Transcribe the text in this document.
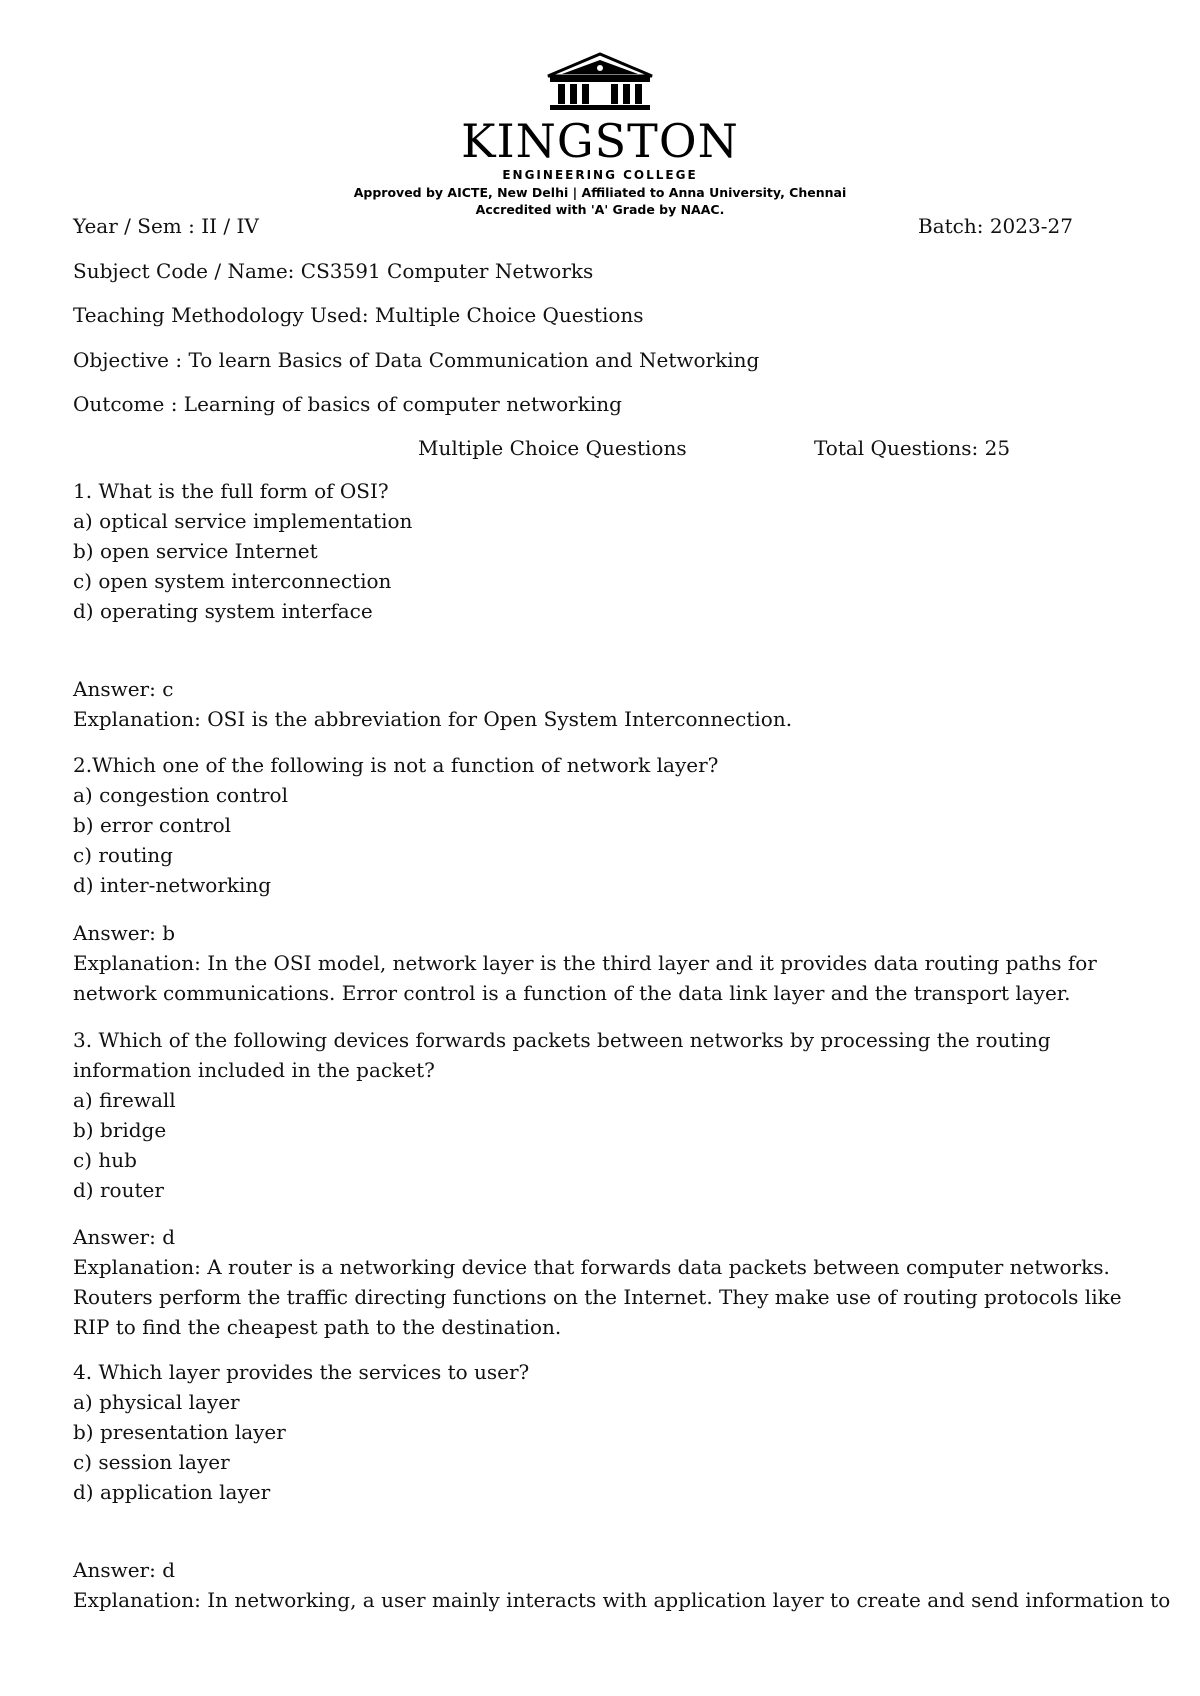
KINGSTON
ENGINEERING COLLEGE
Approved by AICTE, New Delhi | Affiliated to Anna University, Chennai
Accredited with 'A' Grade by NAAC.
Year / Sem : II / IV	Batch: 2023-27
Subject Code / Name: CS3591 Computer Networks
Teaching Methodology Used: Multiple Choice Questions
Objective : To learn Basics of Data Communication and Networking
Outcome : Learning of basics of computer networking
Multiple Choice Questions	Total Questions: 25

1. What is the full form of OSI?

a) optical service implementation

b) open service Internet

c) open system interconnection

d) operating system interface

Answer: c

Explanation: OSI is the abbreviation for Open System Interconnection.

2.Which one of the following is not a function of network layer?

a) congestion control

b) error control

c) routing

d) inter-networking

Answer: b

Explanation: In the OSI model, network layer is the third layer and it provides data routing paths for network communications. Error control is a function of the data link layer and the transport layer.

3. Which of the following devices forwards packets between networks by processing the routing information included in the packet?

a) firewall

b) bridge

c) hub

d) router

Answer: d

Explanation: A router is a networking device that forwards data packets between computer networks. Routers perform the traffic directing functions on the Internet. They make use of routing protocols like RIP to find the cheapest path to the destination.

4. Which layer provides the services to user?

a) physical layer

b) presentation layer

c) session layer

d) application layer

Answer: d

Explanation: In networking, a user mainly interacts with application layer to create and send information to
